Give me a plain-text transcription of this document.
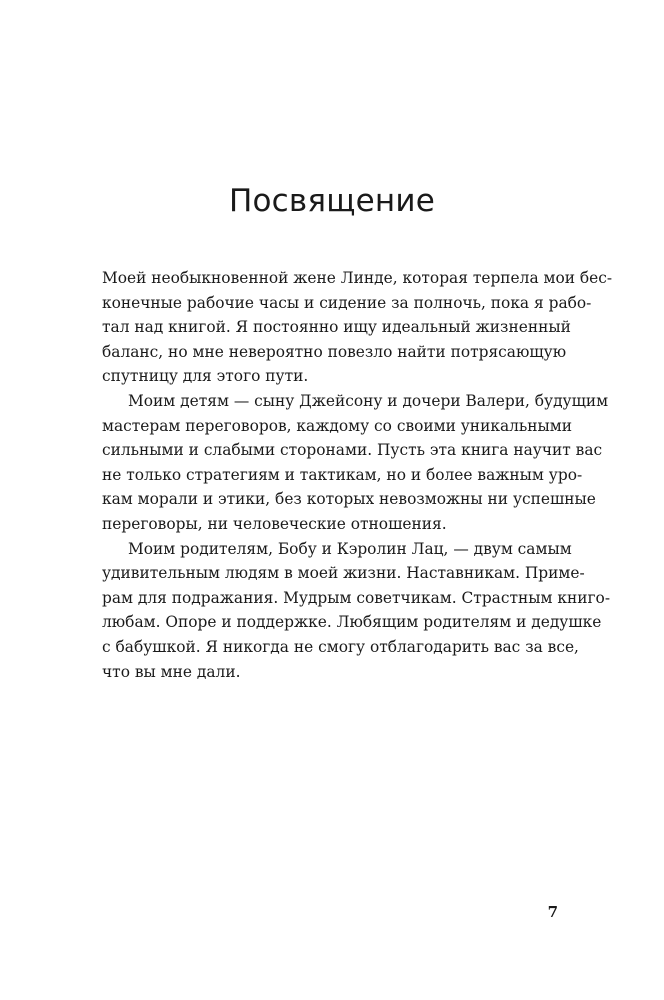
Посвящение
Моей необыкновенной жене Линде, которая терпела мои бес-
конечные рабочие часы и сидение за полночь, пока я рабо-
тал над книгой. Я постоянно ищу идеальный жизненный
баланс, но мне невероятно повезло найти потрясающую
спутницу для этого пути.
Моим детям — сыну Джейсону и дочери Валери, будущим
мастерам переговоров, каждому со своими уникальными
сильными и слабыми сторонами. Пусть эта книга научит вас
не только стратегиям и тактикам, но и более важным уро-
кам морали и этики, без которых невозможны ни успешные
переговоры, ни человеческие отношения.
Моим родителям, Бобу и Кэролин Лац, — двум самым
удивительным людям в моей жизни. Наставникам. Приме-
рам для подражания. Мудрым советчикам. Страстным книго-
любам. Опоре и поддержке. Любящим родителям и дедушке
с бабушкой. Я никогда не смогу отблагодарить вас за все,
что вы мне дали.
7
